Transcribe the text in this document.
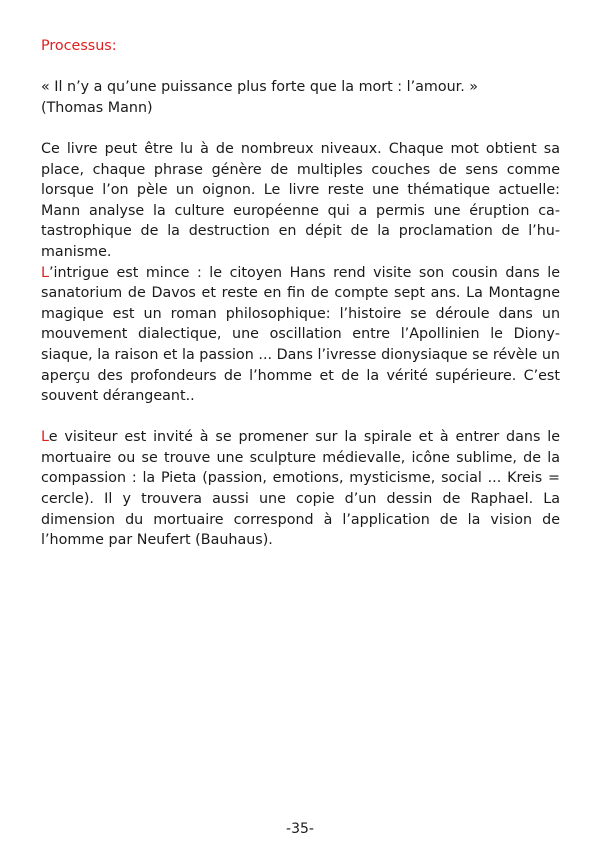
Processus:

« Il n’y a qu’une puissance plus forte que la mort : l’amour. »

(Thomas Mann)

Ce livre peut être lu à de nombreux niveaux. Chaque mot obtient sa place, chaque phrase génère de multiples couches de sens comme lorsque l’on pèle un oignon. Le livre reste une thématique actuelle: Mann analyse la culture européenne qui a permis une éruption catastrophique de la destruction en dépit de la proclamation de l’humanisme.

L’intrigue est mince : le citoyen Hans rend visite son cousin dans le sanatorium de Davos et reste en fin de compte sept ans. La Montagne magique est un roman philosophique: l’histoire se déroule dans un mouvement dialectique, une oscillation entre l’Apollinien le Dionysiaque, la raison et la passion ... Dans l’ivresse dionysiaque se révèle un aperçu des profondeurs de l’homme et de la vérité supérieure. C’est souvent dérangeant..

Le visiteur est invité à se promener sur la spirale et à entrer dans le mortuaire ou se trouve une sculpture médievalle, icône sublime, de la compassion : la Pieta (passion, emotions, mysticisme, social ... Kreis = cercle). Il y trouvera aussi une copie d’un dessin de Raphael. La dimension du mortuaire correspond à l’application de la vision de l’homme par Neufert (Bauhaus).

-35-
